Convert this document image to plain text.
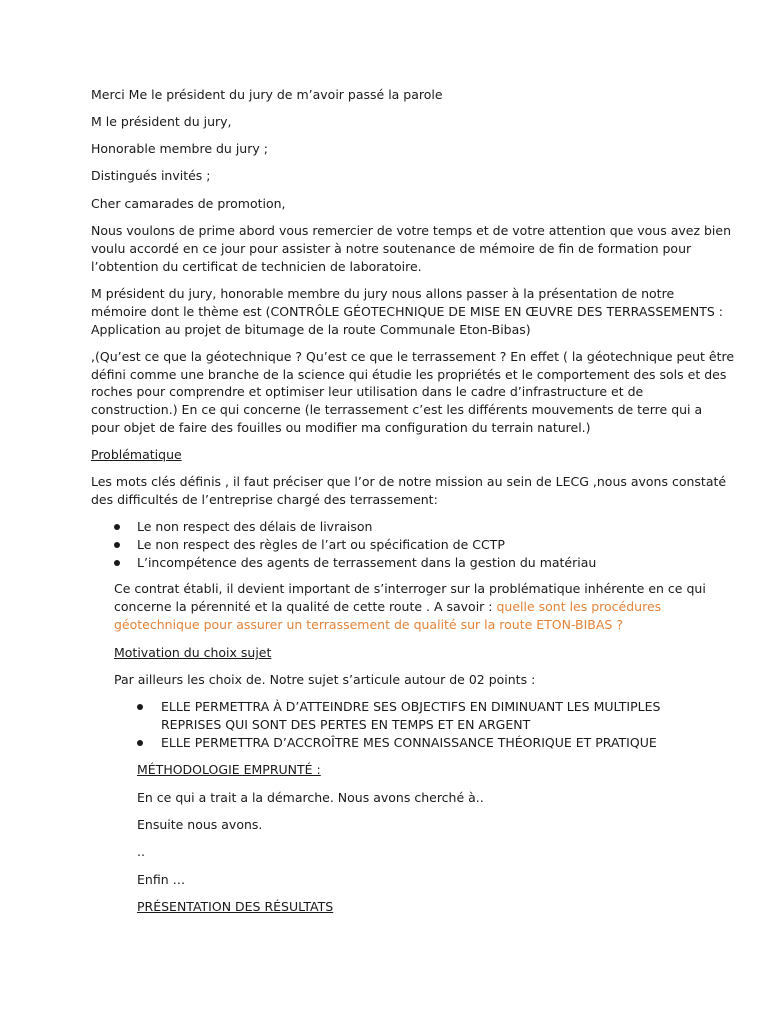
Merci Me le président du jury de m’avoir passé la parole

M le président du jury,

Honorable membre du jury ;

Distingués invités ;

Cher camarades de promotion,

Nous voulons de prime abord vous remercier de votre temps et de votre attention que vous avez bien

voulu accordé en ce jour pour assister à notre soutenance de mémoire de fin de formation pour

l’obtention du certificat de technicien de laboratoire.

M président du jury, honorable membre du jury nous allons passer à la présentation de notre

mémoire dont le thème est (CONTRÔLE GÉOTECHNIQUE DE MISE EN ŒUVRE DES TERRASSEMENTS :

Application au projet de bitumage de la route Communale Eton-Bibas)

,(Qu’est ce que la géotechnique ? Qu’est ce que le terrassement ? En effet ( la géotechnique peut être

défini comme une branche de la science qui étudie les propriétés et le comportement des sols et des

roches pour comprendre et optimiser leur utilisation dans le cadre d’infrastructure et de

construction.) En ce qui concerne (le terrassement c’est les différents mouvements de terre qui a

pour objet de faire des fouilles ou modifier ma configuration du terrain naturel.)

Problématique

Les mots clés définis , il faut préciser que l’or de notre mission au sein de LECG ,nous avons constaté

des difficultés de l’entreprise chargé des terrassement:

Le non respect des délais de livraison
Le non respect des règles de l’art ou spécification de CCTP
L’incompétence des agents de terrassement dans la gestion du matériau

Ce contrat établi, il devient important de s’interroger sur la problématique inhérente en ce qui

concerne la pérennité et la qualité de cette route . A savoir : quelle sont les procédures

géotechnique pour assurer un terrassement de qualité sur la route ETON-BIBAS ?

Motivation du choix sujet

Par ailleurs les choix de. Notre sujet s’articule autour de 02 points :

ELLE PERMETTRA À D’ATTEINDRE SES OBJECTIFS EN DIMINUANT LES MULTIPLES
REPRISES QUI SONT DES PERTES EN TEMPS ET EN ARGENT
ELLE PERMETTRA D’ACCROÎTRE MES CONNAISSANCE THÉORIQUE ET PRATIQUE

MÉTHODOLOGIE EMPRUNTÉ :

En ce qui a trait a la démarche. Nous avons cherché à..

Ensuite nous avons.

..

Enfin …

PRÉSENTATION DES RÉSULTATS
